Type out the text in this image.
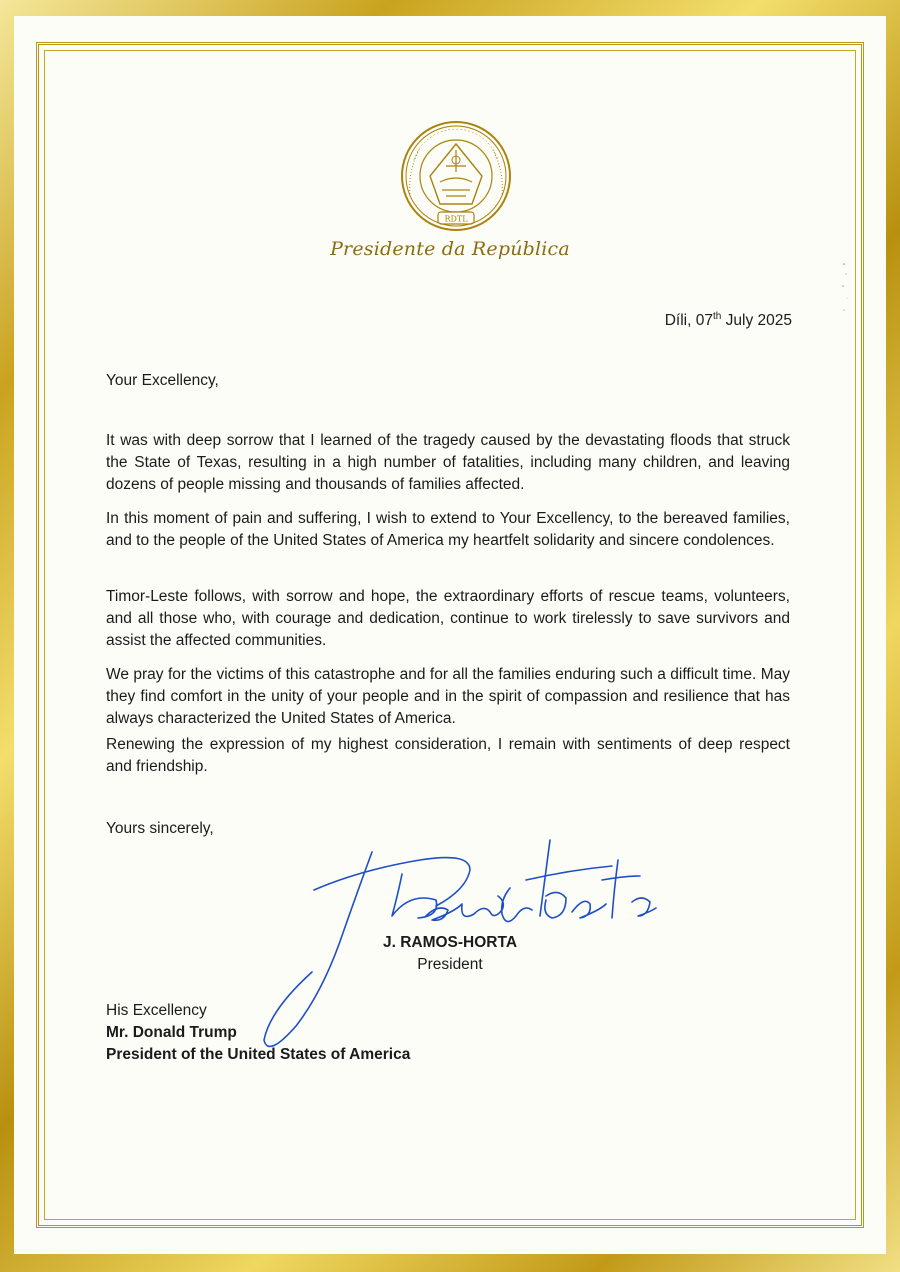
RDTL
Presidente da República
Díli, 07th July 2025
Your Excellency,
It was with deep sorrow that I learned of the tragedy caused by the devastating floods that struck the State of Texas, resulting in a high number of fatalities, including many children, and leaving dozens of people missing and thousands of families affected.
In this moment of pain and suffering, I wish to extend to Your Excellency, to the bereaved families, and to the people of the United States of America my heartfelt solidarity and sincere condolences.
Timor-Leste follows, with sorrow and hope, the extraordinary efforts of rescue teams, volunteers, and all those who, with courage and dedication, continue to work tirelessly to save survivors and assist the affected communities.
We pray for the victims of this catastrophe and for all the families enduring such a difficult time. May they find comfort in the unity of your people and in the spirit of compassion and resilience that has always characterized the United States of America.
Renewing the expression of my highest consideration, I remain with sentiments of deep respect and friendship.
Yours sincerely,
J. RAMOS-HORTA
President
His Excellency
Mr. Donald Trump
President of the United States of America
